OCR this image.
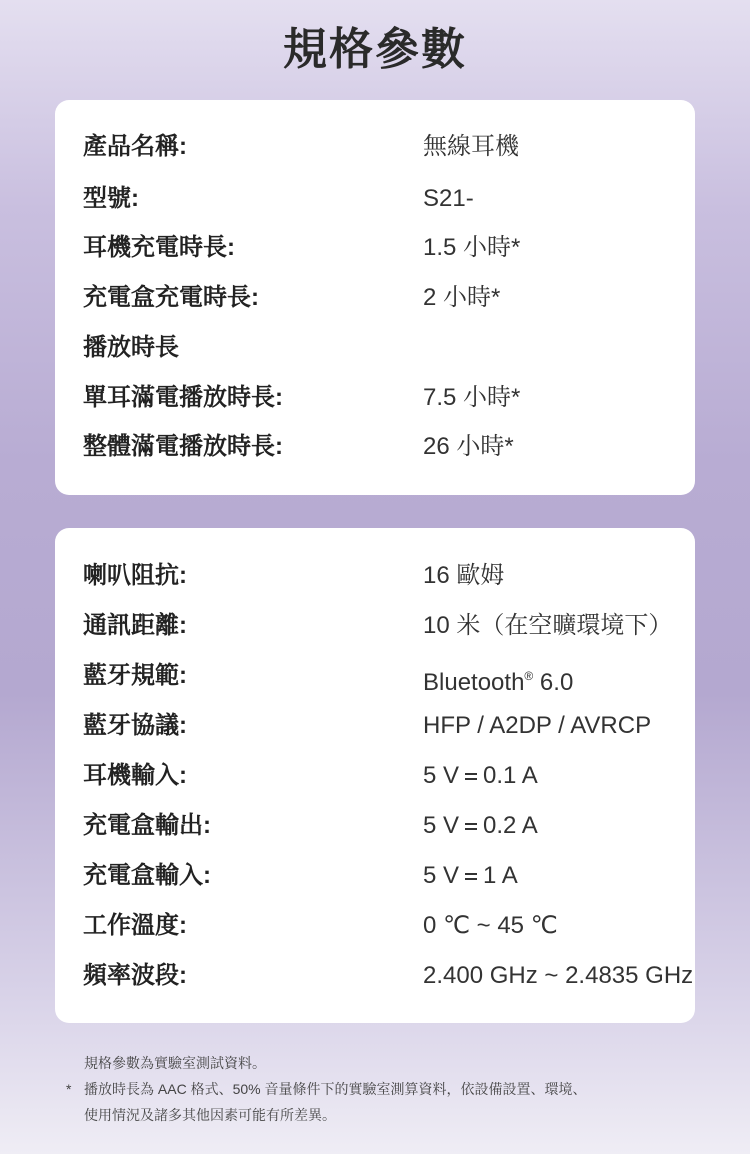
規格參數
產品名稱:	無線耳機
型號:	S21-
耳機充電時長:	1.5 小時*
充電盒充電時長:	2 小時*
播放時長
單耳滿電播放時長:	7.5 小時*
整體滿電播放時長:	26 小時*
喇叭阻抗:	16 歐姆
通訊距離:	10 米（在空曠環境下）
藍牙規範:	Bluetooth® 6.0
藍牙協議:	HFP / A2DP / AVRCP
耳機輸入:	5 V 0.1 A
充電盒輸出:	5 V 0.2 A
充電盒輸入:	5 V 1 A
工作溫度:	0 ℃ ~ 45 ℃
頻率波段:	2.400 GHz ~ 2.4835 GHz
規格參數為實驗室測試資料。
* 播放時長為 AAC 格式、50% 音量條件下的實驗室測算資料，依設備設置、環境、
使用情況及諸多其他因素可能有所差異。
